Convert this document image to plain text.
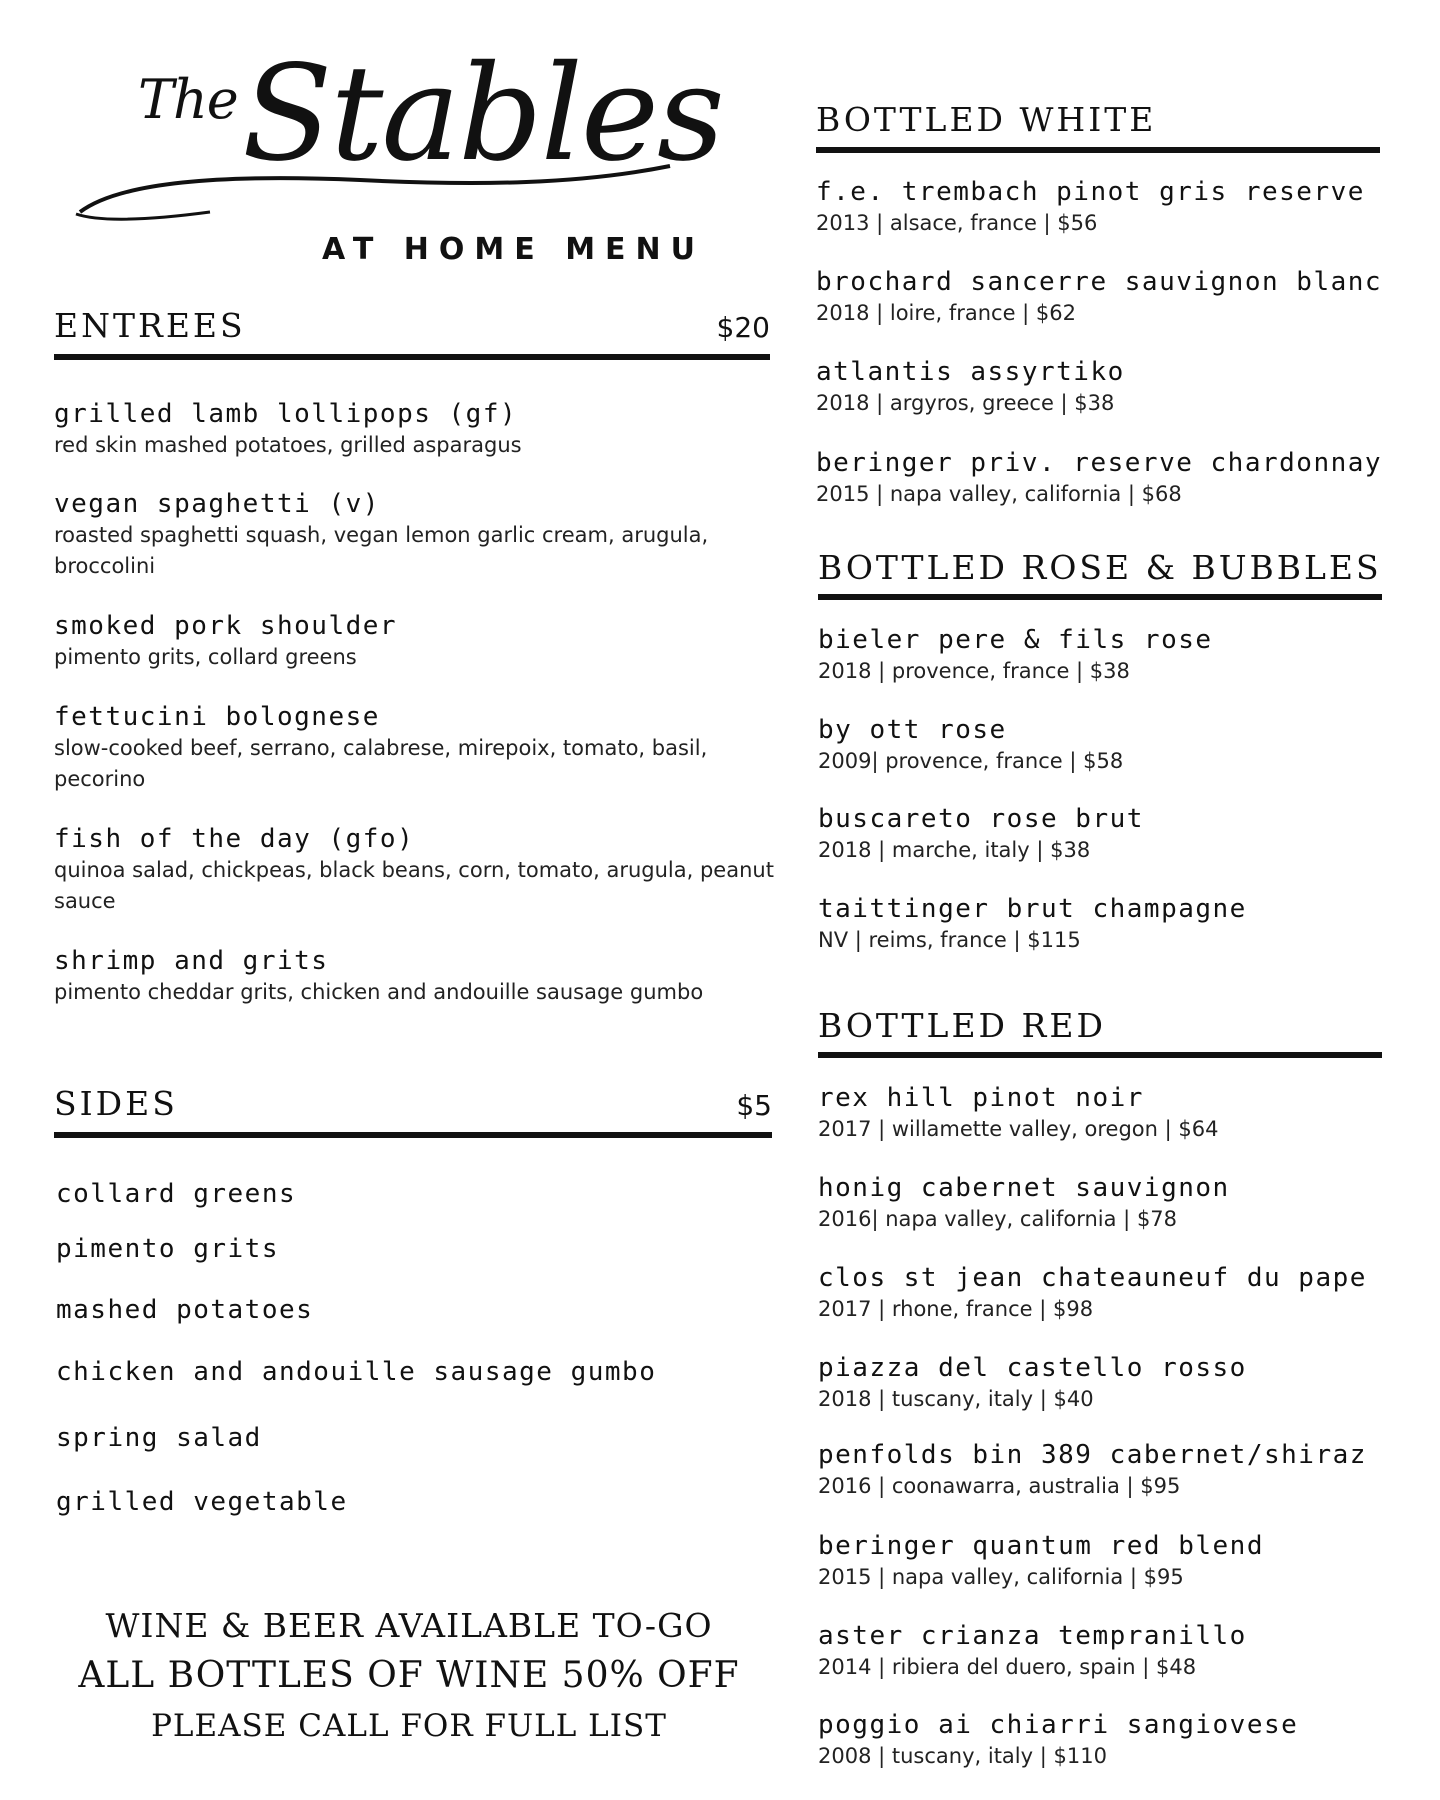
The Stables
AT HOME MENU
ENTREES	$20
grilled lamb lollipops (gf)
red skin mashed potatoes, grilled asparagus
vegan spaghetti (v)
roasted spaghetti squash, vegan lemon garlic cream, arugula, broccolini
smoked pork shoulder
pimento grits, collard greens
fettucini bolognese
slow-cooked beef, serrano, calabrese, mirepoix, tomato, basil, pecorino
fish of the day (gfo)
quinoa salad, chickpeas, black beans, corn, tomato, arugula, peanut sauce
shrimp and grits
pimento cheddar grits, chicken and andouille sausage gumbo
SIDES	$5
collard greens
pimento grits
mashed potatoes
chicken and andouille sausage gumbo
spring salad
grilled vegetable
WINE & BEER AVAILABLE TO-GO
ALL BOTTLES OF WINE 50% OFF
PLEASE CALL FOR FULL LIST
BOTTLED WHITE
f.e. trembach pinot gris reserve
2013 | alsace, france | $56
brochard sancerre sauvignon blanc
2018 | loire, france | $62
atlantis assyrtiko
2018 | argyros, greece | $38
beringer priv. reserve chardonnay
2015 | napa valley, california | $68
BOTTLED ROSE & BUBBLES
bieler pere & fils rose
2018 | provence, france | $38
by ott rose
2009| provence, france | $58
buscareto rose brut
2018 | marche, italy | $38
taittinger brut champagne
NV | reims, france | $115
BOTTLED RED
rex hill pinot noir
2017 | willamette valley, oregon | $64
honig cabernet sauvignon
2016| napa valley, california | $78
clos st jean chateauneuf du pape
2017 | rhone, france | $98
piazza del castello rosso
2018 | tuscany, italy | $40
penfolds bin 389 cabernet/shiraz
2016 | coonawarra, australia | $95
beringer quantum red blend
2015 | napa valley, california | $95
aster crianza tempranillo
2014 | ribiera del duero, spain | $48
poggio ai chiarri sangiovese
2008 | tuscany, italy | $110
